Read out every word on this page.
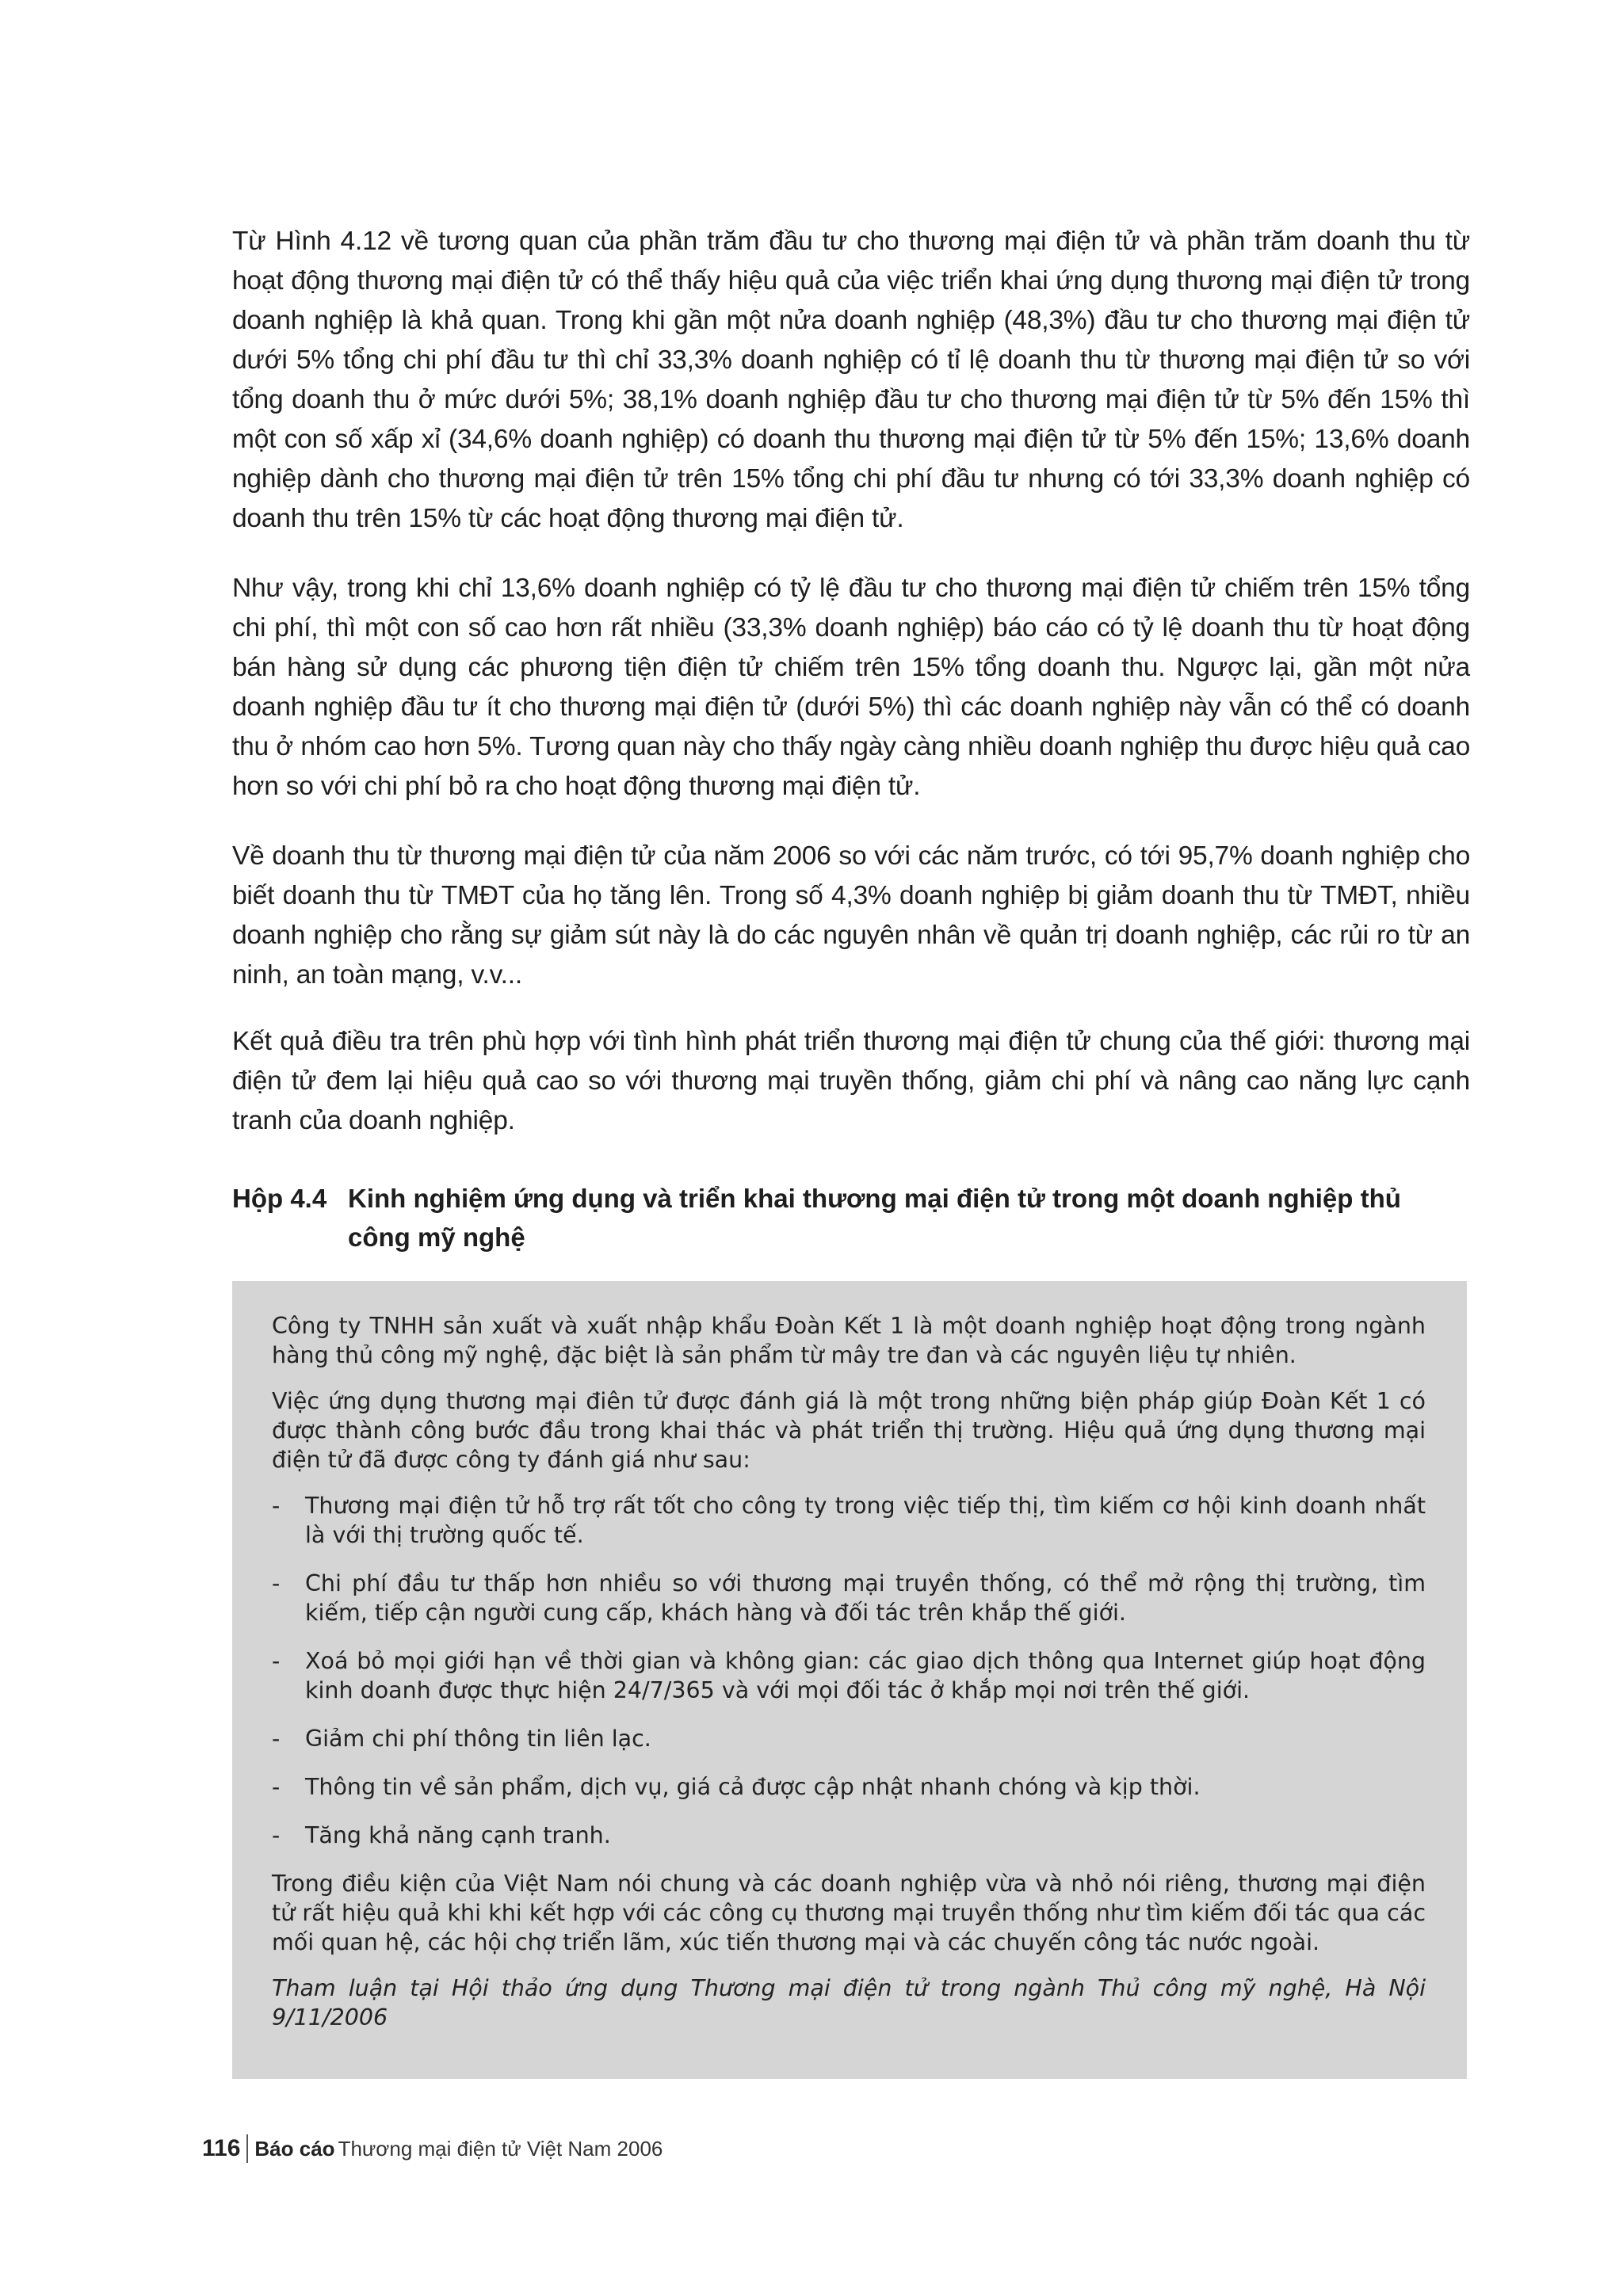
Từ Hình 4.12 về tương quan của phần trăm đầu tư cho thương mại điện tử và phần trăm doanh thu từ hoạt động thương mại điện tử có thể thấy hiệu quả của việc triển khai ứng dụng thương mại điện tử trong doanh nghiệp là khả quan. Trong khi gần một nửa doanh nghiệp (48,3%) đầu tư cho thương mại điện tử dưới 5% tổng chi phí đầu tư thì chỉ 33,3% doanh nghiệp có tỉ lệ doanh thu từ thương mại điện tử so với tổng doanh thu ở mức dưới 5%; 38,1% doanh nghiệp đầu tư cho thương mại điện tử từ 5% đến 15% thì một con số xấp xỉ (34,6% doanh nghiệp) có doanh thu thương mại điện tử từ 5% đến 15%; 13,6% doanh nghiệp dành cho thương mại điện tử trên 15% tổng chi phí đầu tư nhưng có tới 33,3% doanh nghiệp có doanh thu trên 15% từ các hoạt động thương mại điện tử.

Như vậy, trong khi chỉ 13,6% doanh nghiệp có tỷ lệ đầu tư cho thương mại điện tử chiếm trên 15% tổng chi phí, thì một con số cao hơn rất nhiều (33,3% doanh nghiệp) báo cáo có tỷ lệ doanh thu từ hoạt động bán hàng sử dụng các phương tiện điện tử chiếm trên 15% tổng doanh thu. Ngược lại, gần một nửa doanh nghiệp đầu tư ít cho thương mại điện tử (dưới 5%) thì các doanh nghiệp này vẫn có thể có doanh thu ở nhóm cao hơn 5%. Tương quan này cho thấy ngày càng nhiều doanh nghiệp thu được hiệu quả cao hơn so với chi phí bỏ ra cho hoạt động thương mại điện tử.

Về doanh thu từ thương mại điện tử của năm 2006 so với các năm trước, có tới 95,7% doanh nghiệp cho biết doanh thu từ TMĐT của họ tăng lên. Trong số 4,3% doanh nghiệp bị giảm doanh thu từ TMĐT, nhiều doanh nghiệp cho rằng sự giảm sút này là do các nguyên nhân về quản trị doanh nghiệp, các rủi ro từ an ninh, an toàn mạng, v.v...

Kết quả điều tra trên phù hợp với tình hình phát triển thương mại điện tử chung của thế giới: thương mại điện tử đem lại hiệu quả cao so với thương mại truyền thống, giảm chi phí và nâng cao năng lực cạnh tranh của doanh nghiệp.

Hộp 4.4 Kinh nghiệm ứng dụng và triển khai thương mại điện tử trong một doanh nghiệp thủ công mỹ nghệ

Công ty TNHH sản xuất và xuất nhập khẩu Đoàn Kết 1 là một doanh nghiệp hoạt động trong ngành hàng thủ công mỹ nghệ, đặc biệt là sản phẩm từ mây tre đan và các nguyên liệu tự nhiên.

Việc ứng dụng thương mại điên tử được đánh giá là một trong những biện pháp giúp Đoàn Kết 1 có được thành công bước đầu trong khai thác và phát triển thị trường. Hiệu quả ứng dụng thương mại điện tử đã được công ty đánh giá như sau:

- Thương mại điện tử hỗ trợ rất tốt cho công ty trong việc tiếp thị, tìm kiếm cơ hội kinh doanh nhất là với thị trường quốc tế.
- Chi phí đầu tư thấp hơn nhiều so với thương mại truyền thống, có thể mở rộng thị trường, tìm kiếm, tiếp cận người cung cấp, khách hàng và đối tác trên khắp thế giới.
- Xoá bỏ mọi giới hạn về thời gian và không gian: các giao dịch thông qua Internet giúp hoạt động kinh doanh được thực hiện 24/7/365 và với mọi đối tác ở khắp mọi nơi trên thế giới.
- Giảm chi phí thông tin liên lạc.
- Thông tin về sản phẩm, dịch vụ, giá cả được cập nhật nhanh chóng và kịp thời.
- Tăng khả năng cạnh tranh.

Trong điều kiện của Việt Nam nói chung và các doanh nghiệp vừa và nhỏ nói riêng, thương mại điện tử rất hiệu quả khi khi kết hợp với các công cụ thương mại truyền thống như tìm kiếm đối tác qua các mối quan hệ, các hội chợ triển lãm, xúc tiến thương mại và các chuyến công tác nước ngoài.

Tham luận tại Hội thảo ứng dụng Thương mại điện tử trong ngành Thủ công mỹ nghệ, Hà Nội 9/11/2006

116 Báo cáo Thương mại điện tử Việt Nam 2006
